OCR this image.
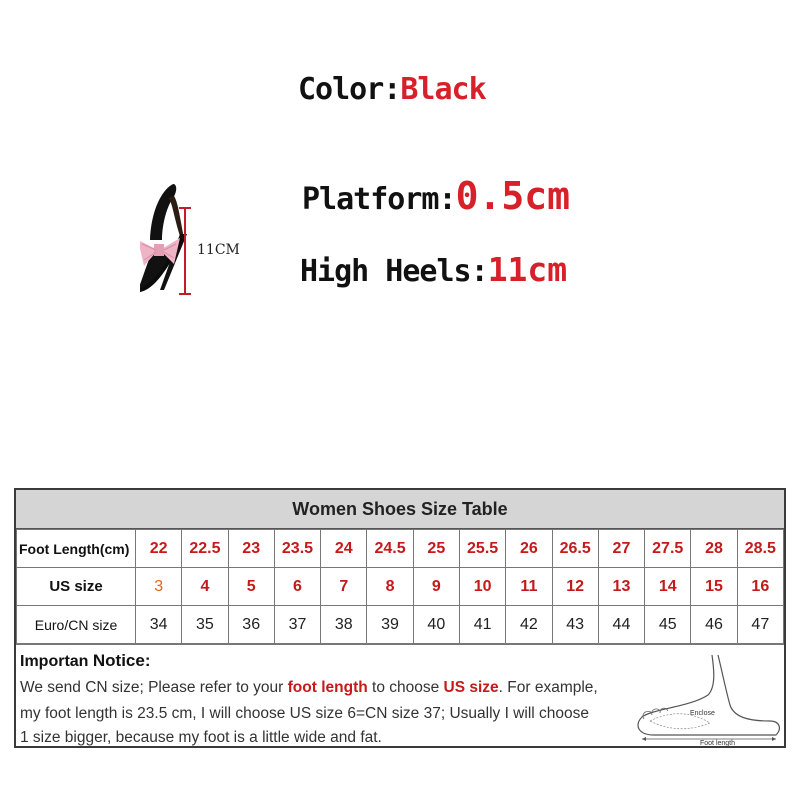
Color:Black
Platform:0.5cm
High Heels:11cm
11CM
Women Shoes Size Table
Foot Length(cm)	22	22.5	23	23.5	24	24.5	25	25.5	26	26.5	27	27.5	28	28.5
US size	3	4	5	6	7	8	9	10	11	12	13	14	15	16
Euro/CN size	34	35	36	37	38	39	40	41	42	43	44	45	46	47
Importan Notice:
We send CN size; Please refer to your foot length to choose US size. For example,
my foot length is 23.5 cm, I will choose US size 6=CN size 37; Usually I will choose
1 size bigger, because my foot is a little wide and fat.
Enclose
Foot length
